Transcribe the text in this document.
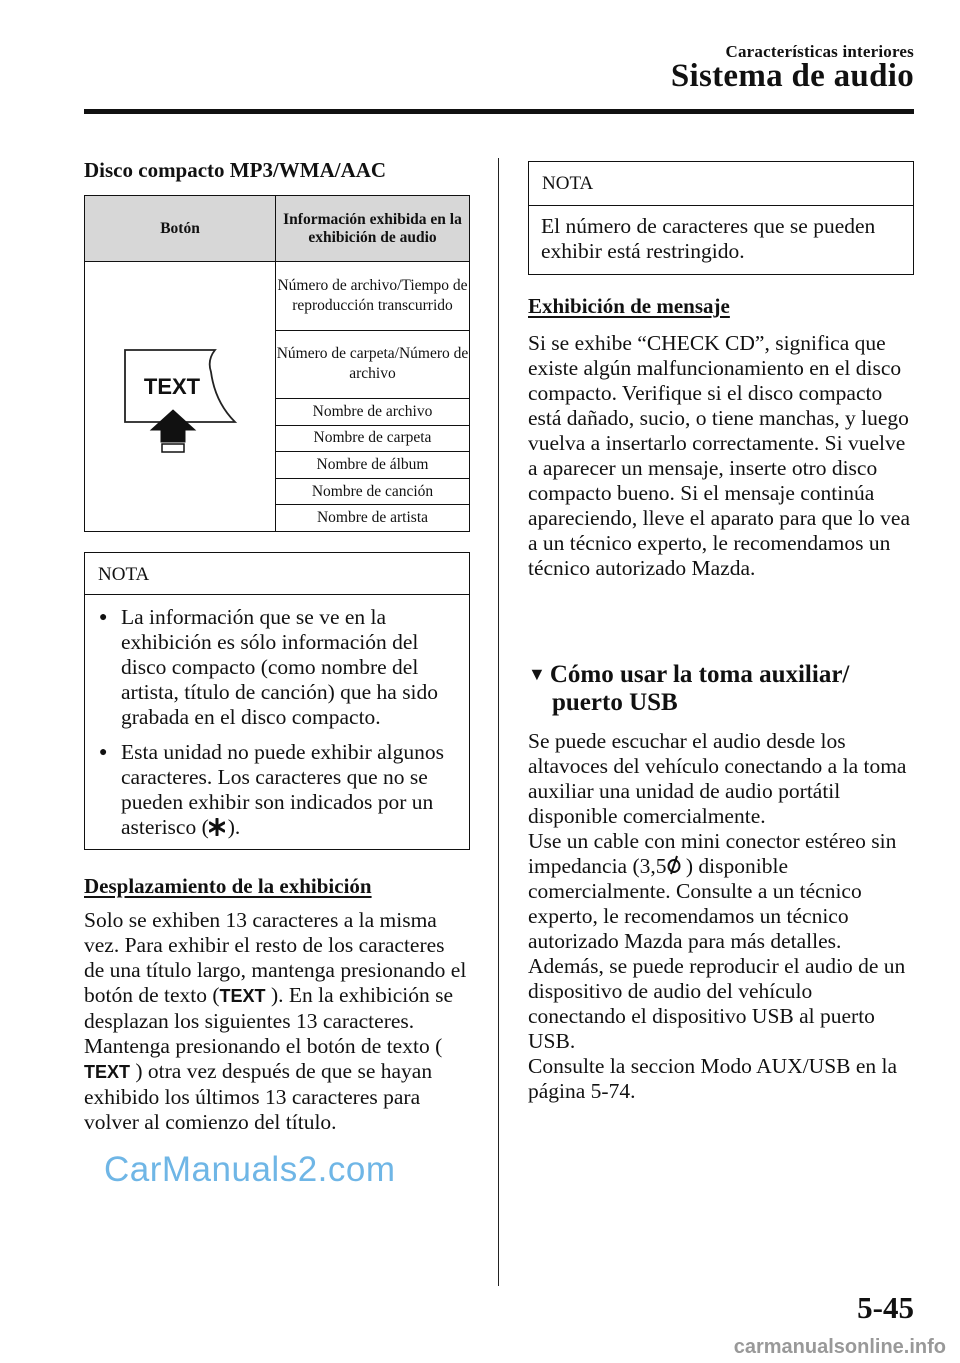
Características interiores
Sistema de audio
Disco compacto MP3/WMA/AAC
Botón	Información exhibida en la exhibición de audio

TEXT	Número de archivo/Tiempo de reproducción transcurrido
	Número de carpeta/Número de archivo
	Nombre de archivo
	Nombre de carpeta
	Nombre de álbum
	Nombre de canción
	Nombre de artista
NOTA
● La información que se ve en la exhibición es sólo información del disco compacto (como nombre del artista, título de canción) que ha sido grabada en el disco compacto.
● Esta unidad no puede exhibir algunos caracteres. Los caracteres que no se pueden exhibir son indicados por un asterisco ( ).
Desplazamiento de la exhibición
Solo se exhiben 13 caracteres a la misma vez. Para exhibir el resto de los caracteres de una título largo, mantenga presionando el botón de texto (TEXT ). En la exhibición se desplazan los siguientes 13 caracteres. Mantenga presionando el botón de texto (TEXT ) otra vez después de que se hayan exhibido los últimos 13 caracteres para volver al comienzo del título.
NOTA
El número de caracteres que se pueden exhibir está restringido.
Exhibición de mensaje
Si se exhibe “CHECK CD”, significa que existe algún malfuncionamiento en el disco compacto. Verifique si el disco compacto está dañado, sucio, o tiene manchas, y luego vuelva a insertarlo correctamente. Si vuelve a aparecer un mensaje, inserte otro disco compacto bueno. Si el mensaje continúa apareciendo, lleve el aparato para que lo vea a un técnico experto, le recomendamos un técnico autorizado Mazda.
▼ Cómo usar la toma auxiliar/
puerto USB
Se puede escuchar el audio desde los altavoces del vehículo conectando a la toma auxiliar una unidad de audio portátil disponible comercialmente.
Use un cable con mini conector estéreo sin impedancia (3,5 ) disponible comercialmente. Consulte a un técnico experto, le recomendamos un técnico autorizado Mazda para más detalles.
Además, se puede reproducir el audio de un dispositivo de audio del vehículo conectando el dispositivo USB al puerto USB.
Consulte la seccion Modo AUX/USB en la página 5-74.
CarManuals2.com
5-45
carmanualsonline.info
